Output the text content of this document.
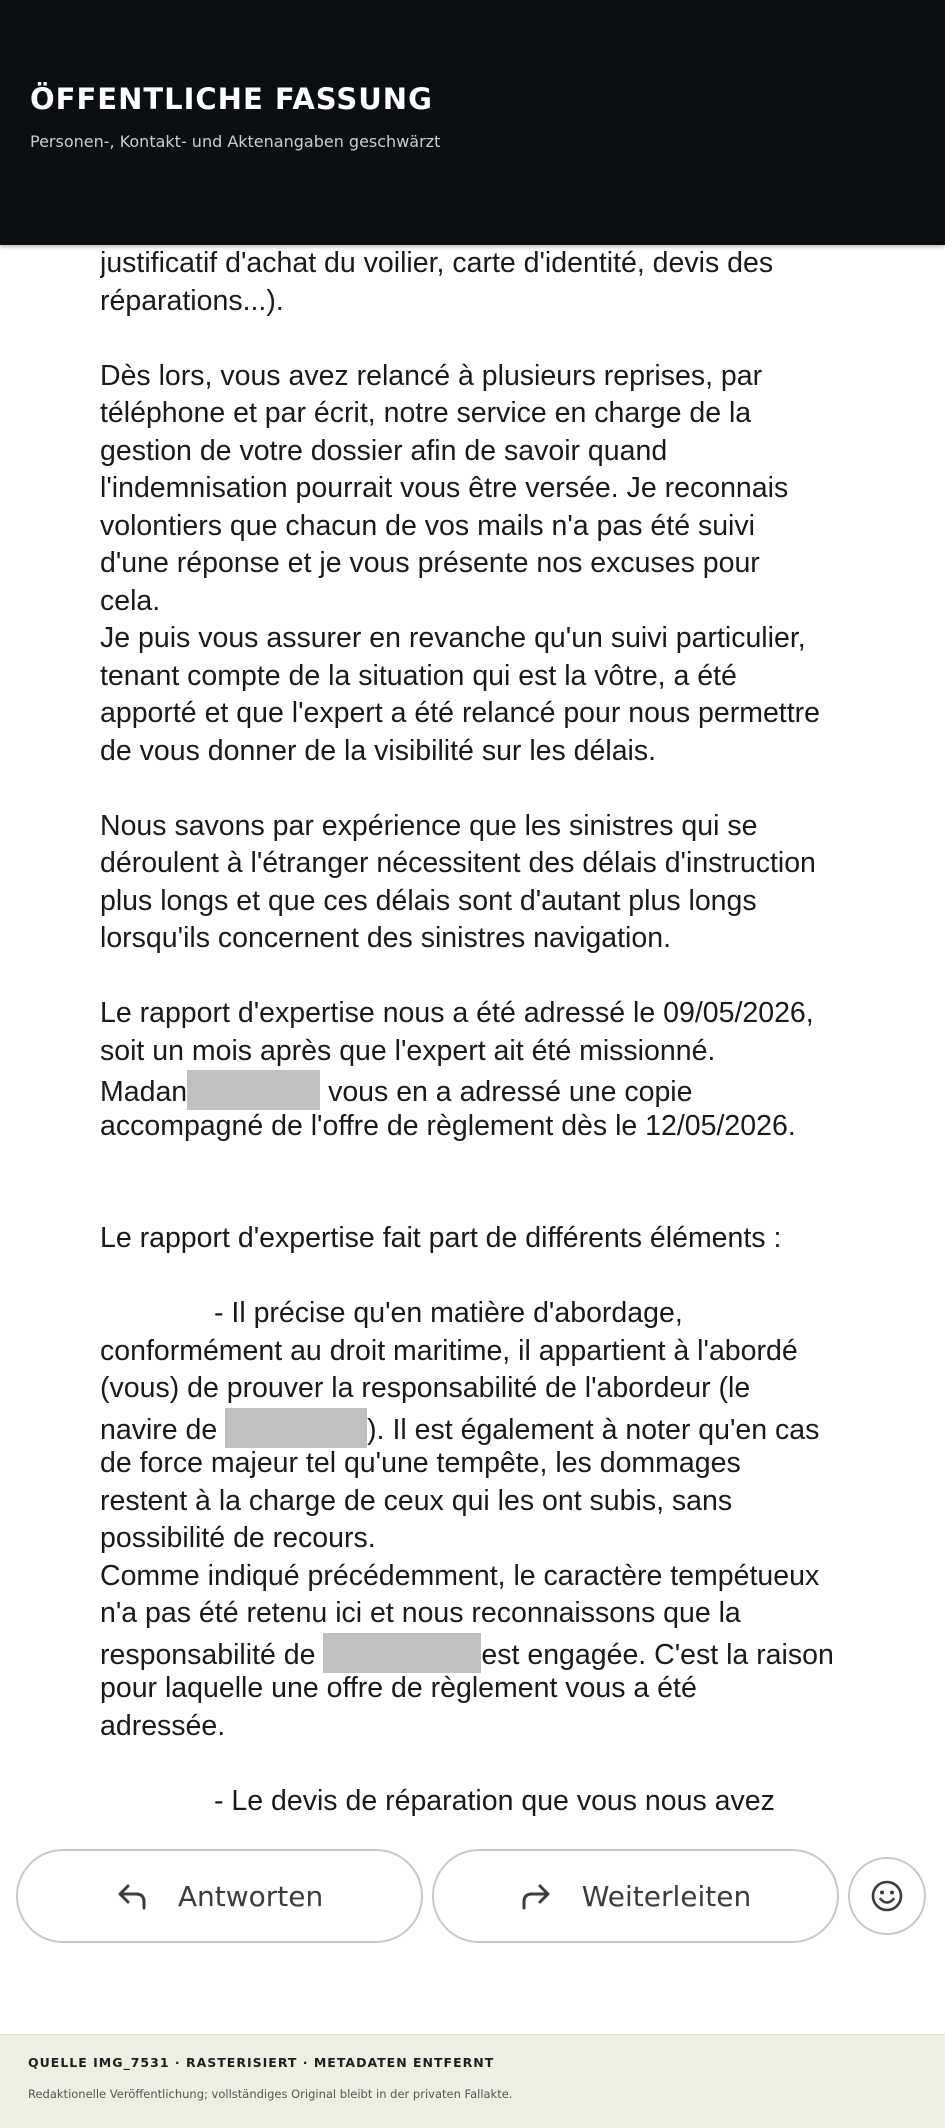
ÖFFENTLICHE FASSUNG
Personen-, Kontakt- und Aktenangaben geschwärzt
justificatif d'achat du voilier, carte d'identité, devis des
réparations...).
Dès lors, vous avez relancé à plusieurs reprises, par
téléphone et par écrit, notre service en charge de la
gestion de votre dossier afin de savoir quand
l'indemnisation pourrait vous être versée. Je reconnais
volontiers que chacun de vos mails n'a pas été suivi
d'une réponse et je vous présente nos excuses pour
cela.
Je puis vous assurer en revanche qu'un suivi particulier,
tenant compte de la situation qui est la vôtre, a été
apporté et que l'expert a été relancé pour nous permettre
de vous donner de la visibilité sur les délais.
Nous savons par expérience que les sinistres qui se
déroulent à l'étranger nécessitent des délais d'instruction
plus longs et que ces délais sont d'autant plus longs
lorsqu'ils concernent des sinistres navigation.
Le rapport d'expertise nous a été adressé le 09/05/2026,
soit un mois après que l'expert ait été missionné.
Madan	vous en a adressé une copie
accompagné de l'offre de règlement dès le 12/05/2026.
Le rapport d'expertise fait part de différents éléments :
- Il précise qu'en matière d'abordage,
conformément au droit maritime, il appartient à l'abordé
(vous) de prouver la responsabilité de l'abordeur (le
navire de	). Il est également à noter qu'en cas
de force majeur tel qu'une tempête, les dommages
restent à la charge de ceux qui les ont subis, sans
possibilité de recours.
Comme indiqué précédemment, le caractère tempétueux
n'a pas été retenu ici et nous reconnaissons que la
responsabilité de	est engagée. C'est la raison
pour laquelle une offre de règlement vous a été
adressée.
- Le devis de réparation que vous nous avez
Antworten	Weiterleiten
QUELLE IMG_7531 · RASTERISIERT · METADATEN ENTFERNT
Redaktionelle Veröffentlichung; vollständiges Original bleibt in der privaten Fallakte.
